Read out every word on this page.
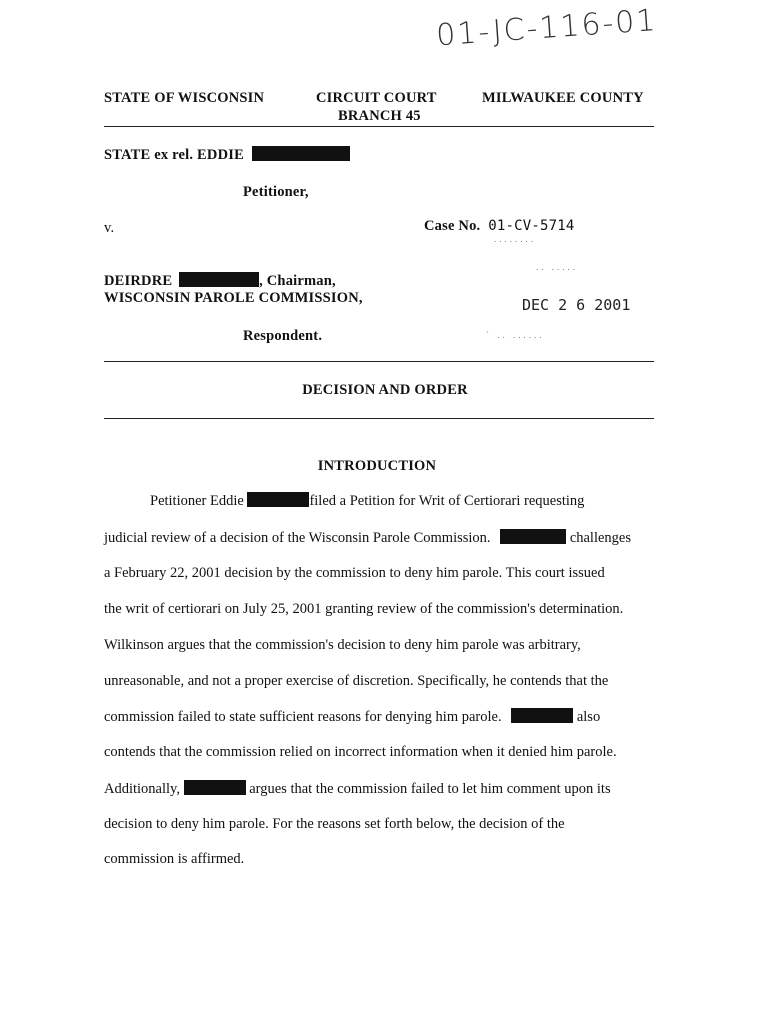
01-JC-116-01
STATE OF WISCONSIN	CIRCUIT COURT
BRANCH 45
MILWAUKEE COUNTY
STATE ex rel. EDDIE
Petitioner,
v.	Case No. 01-CV-5714
........
DEIRDRE	, Chairman,
WISCONSIN PAROLE COMMISSION,
Respondent.
.. .....
DEC 2 6 2001
` .. ......
DECISION AND ORDER
INTRODUCTION
Petitioner Eddie	filed a Petition for Writ of Certiorari requesting
judicial review of a decision of the Wisconsin Parole Commission.	challenges
a February 22, 2001 decision by the commission to deny him parole. This court issued
the writ of certiorari on July 25, 2001 granting review of the commission's determination.
Wilkinson argues that the commission's decision to deny him parole was arbitrary,
unreasonable, and not a proper exercise of discretion. Specifically, he contends that the
commission failed to state sufficient reasons for denying him parole.	also
contends that the commission relied on incorrect information when it denied him parole.
Additionally,	argues that the commission failed to let him comment upon its
decision to deny him parole. For the reasons set forth below, the decision of the
commission is affirmed.
